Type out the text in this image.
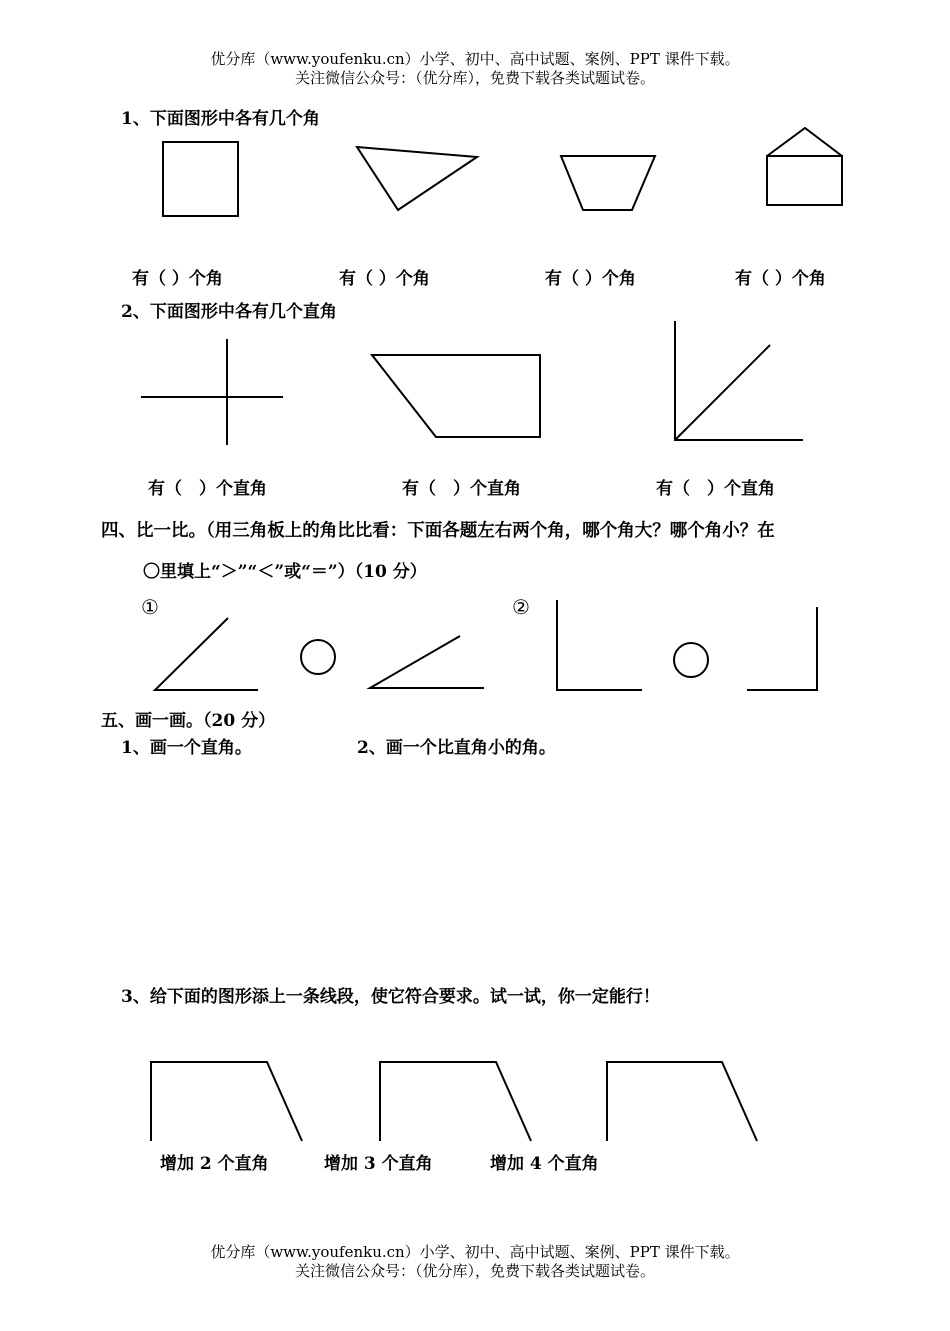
优分库（www.youfenku.cn）小学、初中、高中试题、案例、PPT 课件下载。
关注微信公众号：（优分库），免费下载各类试题试卷。
1、下面图形中各有几个角
有（ ）个角	有（ ）个角	有（ ）个角	有（ ）个角
2、下面图形中各有几个直角
有（　）个直角	有（　）个直角	有（　）个直角
四、比一比。（用三角板上的角比比看：下面各题左右两个角，哪个角大？哪个角小？在
〇里填上“＞”“＜”或“＝”）（10 分）
①	②
五、画一画。（20 分）
1、画一个直角。	2、画一个比直角小的角。
3、给下面的图形添上一条线段，使它符合要求。试一试，你一定能行！
增加 2 个直角	增加 3 个直角	增加 4 个直角
优分库（www.youfenku.cn）小学、初中、高中试题、案例、PPT 课件下载。
关注微信公众号：（优分库），免费下载各类试题试卷。
